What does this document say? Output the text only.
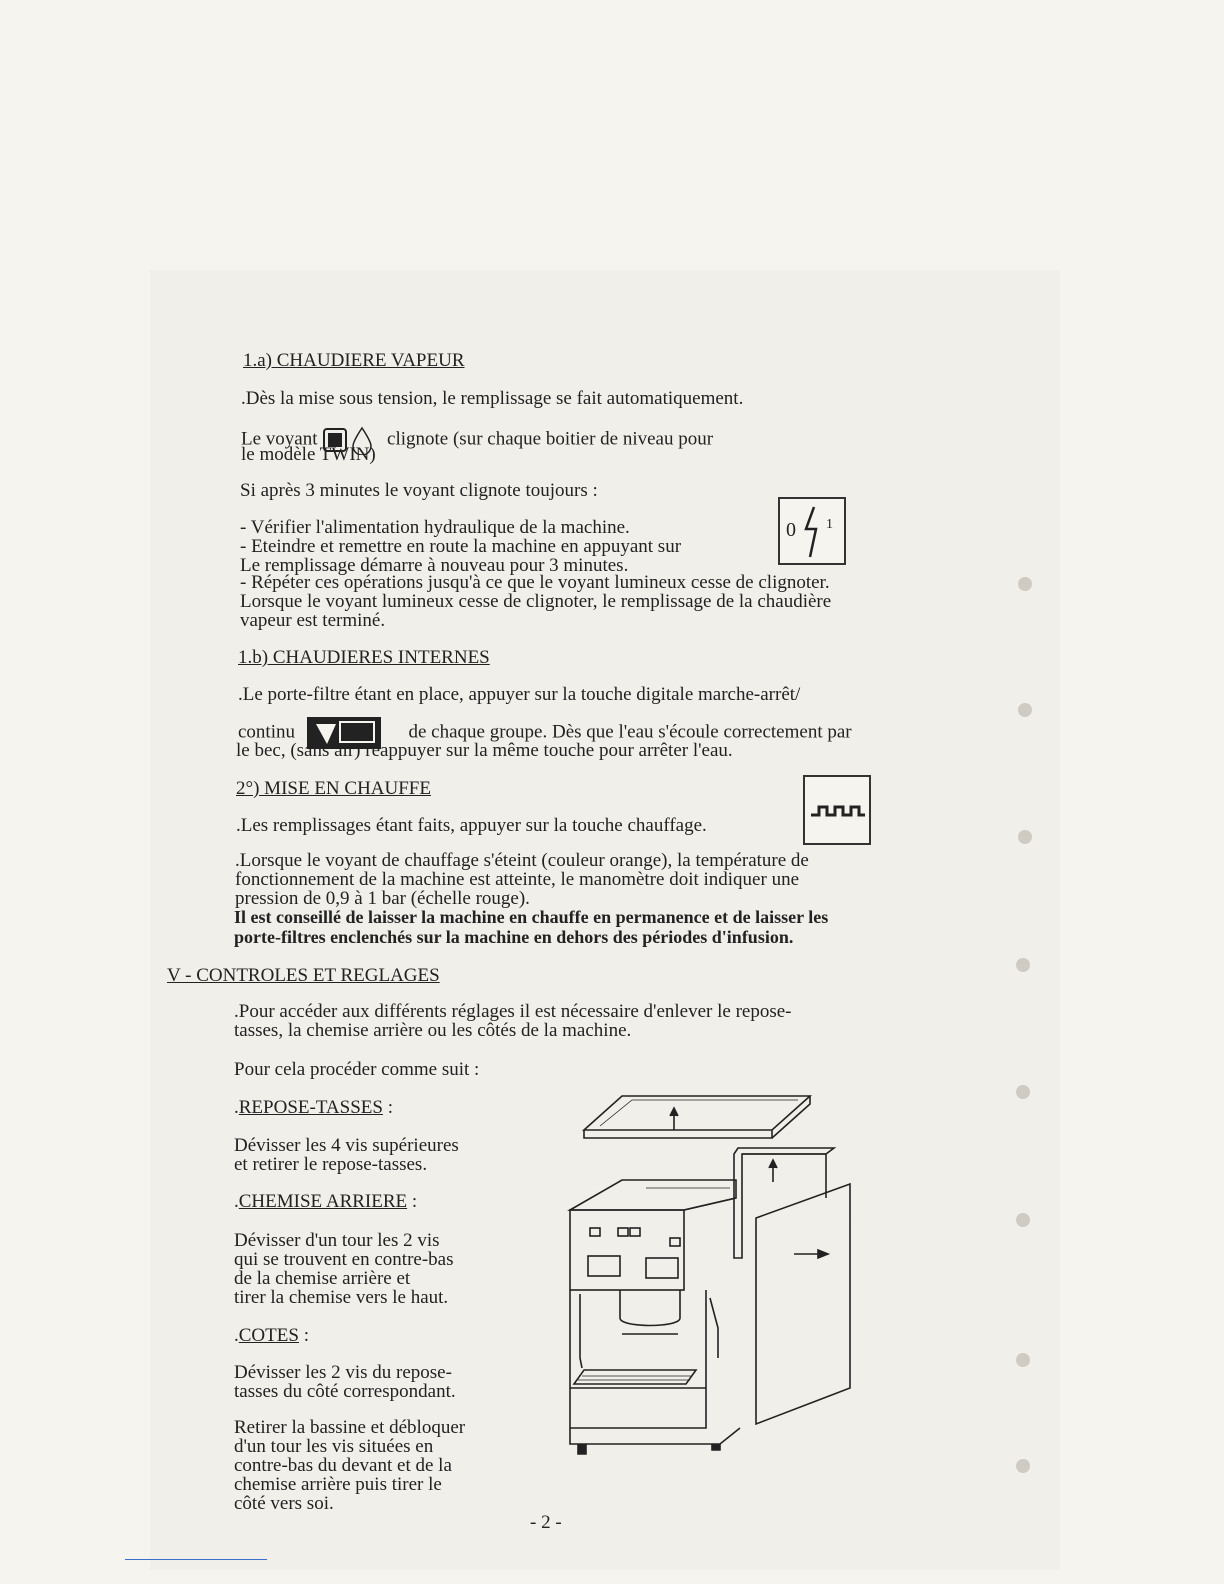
1.a) CHAUDIERE VAPEUR

.Dès la mise sous tension, le remplissage se fait automatiquement.

Le voyant	clignote (sur chaque boitier de niveau pour

le modèle TWIN)

Si après 3 minutes le voyant clignote toujours :

0 1

- Vérifier l'alimentation hydraulique de la machine.

- Eteindre et remettre en route la machine en appuyant sur

Le remplissage démarre à nouveau pour 3 minutes.

- Répéter ces opérations jusqu'à ce que le voyant lumineux cesse de clignoter.

Lorsque le voyant lumineux cesse de clignoter, le remplissage de la chaudière

vapeur est terminé.

1.b) CHAUDIERES INTERNES

.Le porte-filtre étant en place, appuyer sur la touche digitale marche-arrêt/

continu	de chaque groupe. Dès que l'eau s'écoule correctement par

le bec, (sans air) réappuyer sur la même touche pour arrêter l'eau.

2°) MISE EN CHAUFFE

.Les remplissages étant faits, appuyer sur la touche chauffage.

.Lorsque le voyant de chauffage s'éteint (couleur orange), la température de

fonctionnement de la machine est atteinte, le manomètre doit indiquer une

pression de 0,9 à 1 bar (échelle rouge).

Il est conseillé de laisser la machine en chauffe en permanence et de laisser les

porte-filtres enclenchés sur la machine en dehors des périodes d'infusion.

V - CONTROLES ET REGLAGES

.Pour accéder aux différents réglages il est nécessaire d'enlever le repose-

tasses, la chemise arrière ou les côtés de la machine.

Pour cela procéder comme suit :

.REPOSE-TASSES :

Dévisser les 4 vis supérieures

et retirer le repose-tasses.

.CHEMISE ARRIERE :

Dévisser d'un tour les 2 vis

qui se trouvent en contre-bas

de la chemise arrière et

tirer la chemise vers le haut.

.COTES :

Dévisser les 2 vis du repose-

tasses du côté correspondant.

Retirer la bassine et débloquer

d'un tour les vis situées en

contre-bas du devant et de la

chemise arrière puis tirer le

côté vers soi.

- 2 -
